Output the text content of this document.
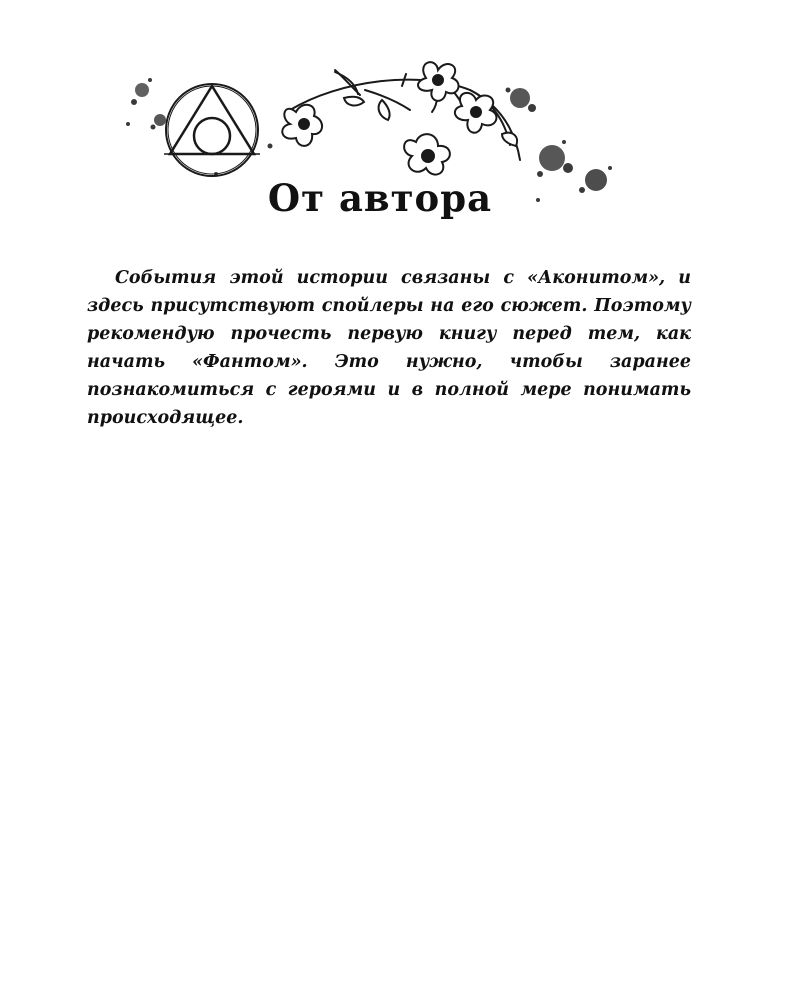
От автора

События этой истории связаны с «Аконитом», и здесь присутствуют спойлеры на его сюжет. Поэтому рекомендую прочесть первую книгу перед тем, как начать «Фантом». Это нужно, чтобы заранее познакомиться с героями и в полной мере понимать происходящее.
